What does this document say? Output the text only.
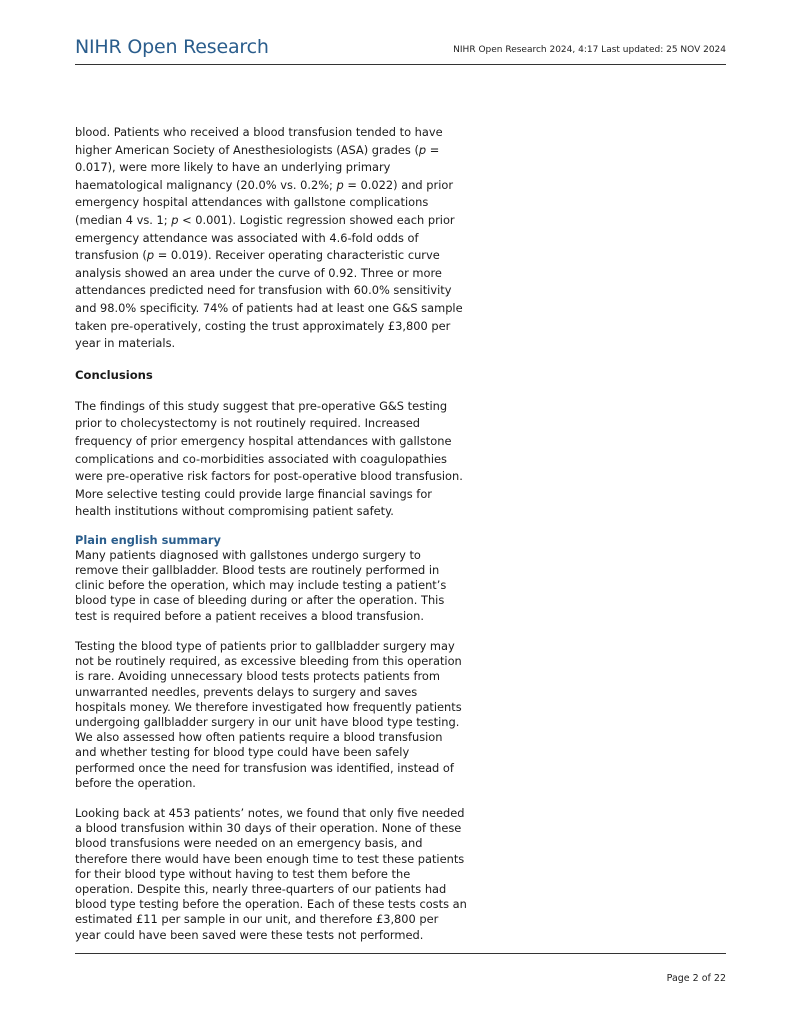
NIHR Open Research	NIHR Open Research 2024, 4:17 Last updated: 25 NOV 2024

blood. Patients who received a blood transfusion tended to have higher American Society of Anesthesiologists (ASA) grades (p = 0.017), were more likely to have an underlying primary haematological malignancy (20.0% vs. 0.2%; p = 0.022) and prior emergency hospital attendances with gallstone complications (median 4 vs. 1; p < 0.001). Logistic regression showed each prior emergency attendance was associated with 4.6-fold odds of transfusion (p = 0.019). Receiver operating characteristic curve analysis showed an area under the curve of 0.92. Three or more attendances predicted need for transfusion with 60.0% sensitivity and 98.0% specificity. 74% of patients had at least one G&S sample taken pre-operatively, costing the trust approximately £3,800 per year in materials.

Conclusions

The findings of this study suggest that pre-operative G&S testing prior to cholecystectomy is not routinely required. Increased frequency of prior emergency hospital attendances with gallstone complications and co-morbidities associated with coagulopathies were pre-operative risk factors for post-operative blood transfusion. More selective testing could provide large financial savings for health institutions without compromising patient safety.

Plain english summary

Many patients diagnosed with gallstones undergo surgery to remove their gallbladder. Blood tests are routinely performed in clinic before the operation, which may include testing a patient’s blood type in case of bleeding during or after the operation. This test is required before a patient receives a blood transfusion.

Testing the blood type of patients prior to gallbladder surgery may not be routinely required, as excessive bleeding from this operation is rare. Avoiding unnecessary blood tests protects patients from unwarranted needles, prevents delays to surgery and saves hospitals money. We therefore investigated how frequently patients undergoing gallbladder surgery in our unit have blood type testing. We also assessed how often patients require a blood transfusion and whether testing for blood type could have been safely performed once the need for transfusion was identified, instead of before the operation.

Looking back at 453 patients’ notes, we found that only five needed a blood transfusion within 30 days of their operation. None of these blood transfusions were needed on an emergency basis, and therefore there would have been enough time to test these patients for their blood type without having to test them before the operation. Despite this, nearly three-quarters of our patients had blood type testing before the operation. Each of these tests costs an estimated £11 per sample in our unit, and therefore £3,800 per year could have been saved were these tests not performed.

Page 2 of 22
